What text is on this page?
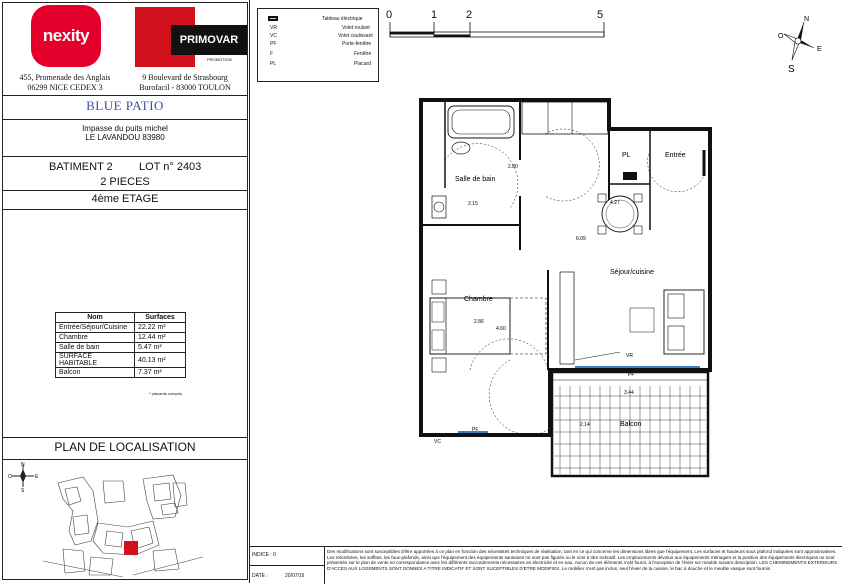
nexity	PRIMOVAR
PROMOTION
455, Promenade des Anglais
06299 NICE CEDEX 3
9 Boulevard de Strasbourg
Burofacil - 83000 TOULON
BLUE PATIO
Impasse du puits michel
LE LAVANDOU 83980
BATIMENT 2 LOT n° 2403
2 PIECES
4ème ETAGE
Nom	Surfaces
Entrée/Séjour/Cuisine	22.22 m²
Chambre	12.44 m²
Salle de bain	5.47 m²
SURFACE HABITABLE	40.13 m²
Balcon	7.37 m²
* placards compris
PLAN DE LOCALISATION
N
O	E
S
Tableau électrique
VR	Volet roulant
VC	Volet coulissant
PF	Porte-fenêtre
F	Fenêtre
PL	Placard
0	1	2	5	N
O
E
S
Salle de bain
Entrée
Séjour/cuisine
Chambre
Balcon
PL
2.15
2.80
6.09
4.27
2.86
4.60
3.44
2.14
PF
PF
VC
VR
INDICE : 0
DATE :	20/07/16
Des modifications sont susceptibles d'être apportées à ce plan en fonction des nécessités techniques de réalisation, tant en ce qui concerne les dimensions libres que l'équipement. Les surfaces et hauteurs sous plafond indiquées sont approximatives. Les retombées, les soffites, les faux-plafonds, ainsi que l'équipement des équipements sanitaires ne sont pas figurés ou le sont à titre indicatif. Les emplacements dévolus aux équipements ménagers et la position des équipements électriques ne sont présentés sur le plan de vente en correspondance avec les différents raccordements nécessaires en électricité et en eau. Aucun de ces éléments n'est fourni, à l'exception de l'évier sur meuble suivant description. LES CHEMINEMENTS EXTERIEURS D'ACCES AUX LOGEMENTS SONT DONNES A TITRE INDICATIF ET SONT SUCEPTIBLES D'ETRE MODIFIES. Le mobilier n'est pas inclus, seul l'évier de la cuisine, le bac à douche et le meuble vasque sont fournis
